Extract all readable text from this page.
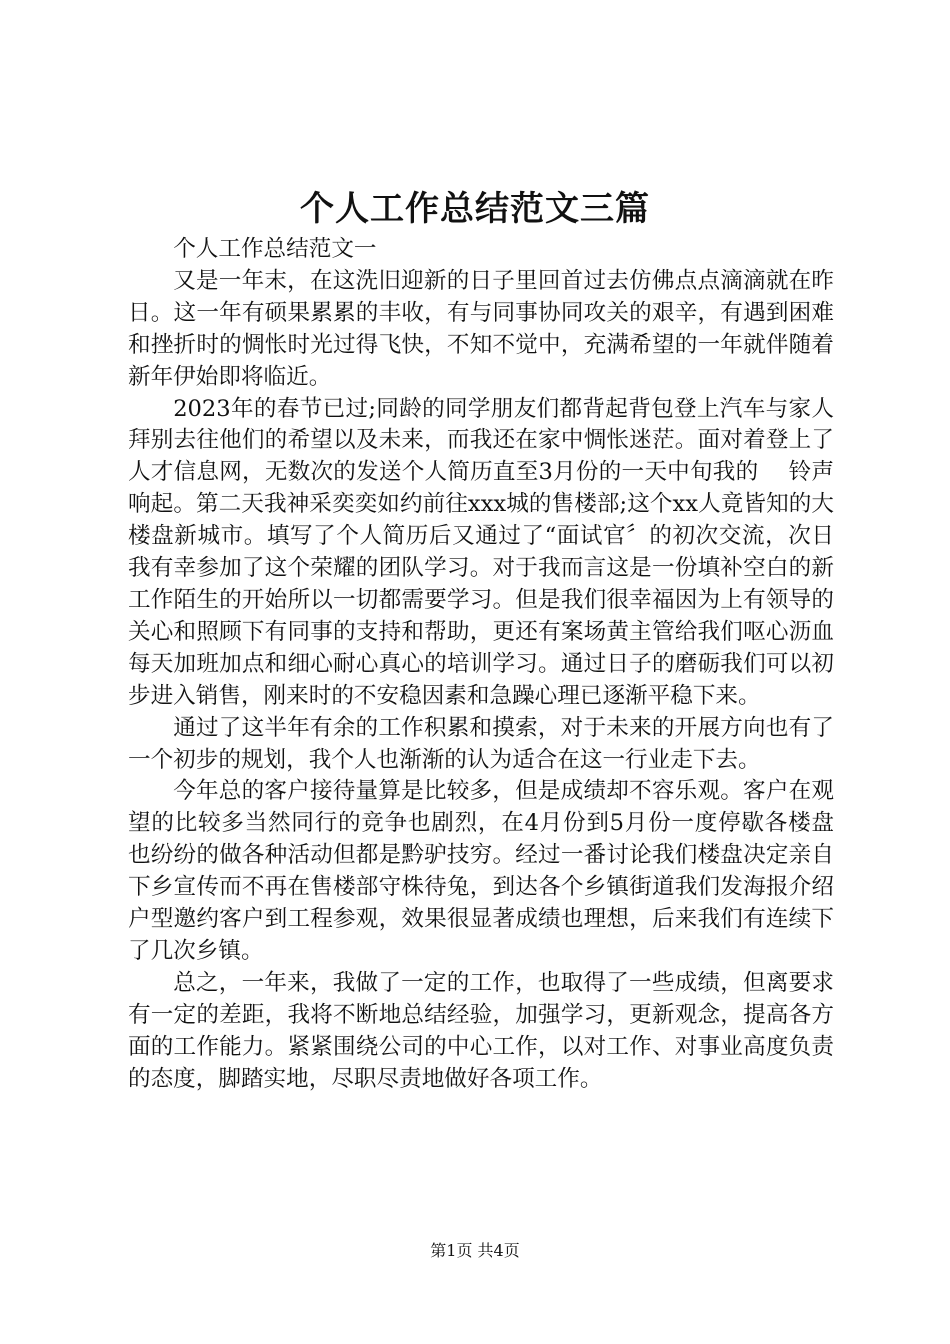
个人工作总结范文三篇

个人工作总结范文一

又是一年末，在这洗旧迎新的日子里回首过去仿佛点点滴滴就在昨日。这一年有硕果累累的丰收，有与同事协同攻关的艰辛，有遇到困难和挫折时的惆怅时光过得飞快，不知不觉中，充满希望的一年就伴随着新年伊始即将临近。

2023年的春节已过;同龄的同学朋友们都背起背包登上汽车与家人拜别去往他们的希望以及未来，而我还在家中惆怅迷茫。面对着登上了人才信息网，无数次的发送个人简历直至3月份的一天中旬我的　 铃声响起。第二天我神采奕奕如约前往xxx城的售楼部;这个xx人竟皆知的大楼盘新城市。填写了个人简历后又通过了“面试官〞的初次交流，次日我有幸参加了这个荣耀的团队学习。对于我而言这是一份填补空白的新工作陌生的开始所以一切都需要学习。但是我们很幸福因为上有领导的关心和照顾下有同事的支持和帮助，更还有案场黄主管给我们呕心沥血每天加班加点和细心耐心真心的培训学习。通过日子的磨砺我们可以初步进入销售，刚来时的不安稳因素和急躁心理已逐渐平稳下来。

通过了这半年有余的工作积累和摸索，对于未来的开展方向也有了一个初步的规划，我个人也渐渐的认为适合在这一行业走下去。

今年总的客户接待量算是比较多，但是成绩却不容乐观。客户在观望的比较多当然同行的竞争也剧烈，在4月份到5月份一度停歇各楼盘也纷纷的做各种活动但都是黔驴技穷。经过一番讨论我们楼盘决定亲自下乡宣传而不再在售楼部守株待兔，到达各个乡镇街道我们发海报介绍户型邀约客户到工程参观，效果很显著成绩也理想，后来我们有连续下了几次乡镇。

总之，一年来，我做了一定的工作，也取得了一些成绩，但离要求有一定的差距，我将不断地总结经验，加强学习，更新观念，提高各方面的工作能力。紧紧围绕公司的中心工作，以对工作、对事业高度负责的态度，脚踏实地，尽职尽责地做好各项工作。

第1页 共4页
